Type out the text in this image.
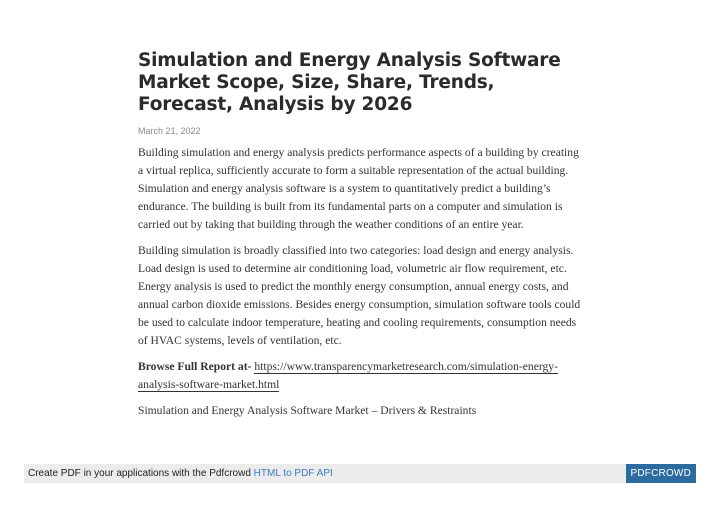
Simulation and Energy Analysis Software Market Scope, Size, Share, Trends, Forecast, Analysis by 2026
March 21, 2022

Building simulation and energy analysis predicts performance aspects of a building by creating a virtual replica, sufficiently accurate to form a suitable representation of the actual building. Simulation and energy analysis software is a system to quantitatively predict a building’s endurance. The building is built from its fundamental parts on a computer and simulation is carried out by taking that building through the weather conditions of an entire year.

Building simulation is broadly classified into two categories: load design and energy analysis. Load design is used to determine air conditioning load, volumetric air flow requirement, etc. Energy analysis is used to predict the monthly energy consumption, annual energy costs, and annual carbon dioxide emissions. Besides energy consumption, simulation software tools could be used to calculate indoor temperature, heating and cooling requirements, consumption needs of HVAC systems, levels of ventilation, etc.

Browse Full Report at- https://www.transparencymarketresearch.com/simulation-energy-analysis-software-market.html

Simulation and Energy Analysis Software Market – Drivers & Restraints

Create PDF in your applications with the Pdfcrowd HTML to PDF API	PDFCROWD
